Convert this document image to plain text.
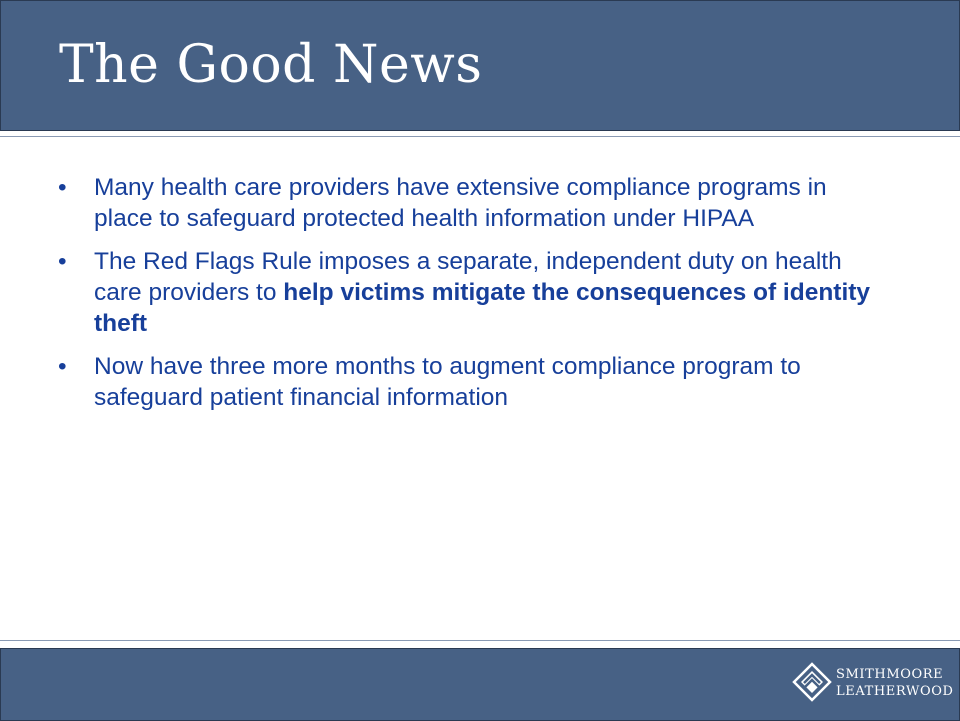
The Good News
• Many health care providers have extensive compliance programs in place to safeguard protected health information under HIPAA
• The Red Flags Rule imposes a separate, independent duty on health care providers to help victims mitigate the consequences of identity theft
• Now have three more months to augment compliance program to safeguard patient financial information
SMITHMOORE
LEATHERWOOD
